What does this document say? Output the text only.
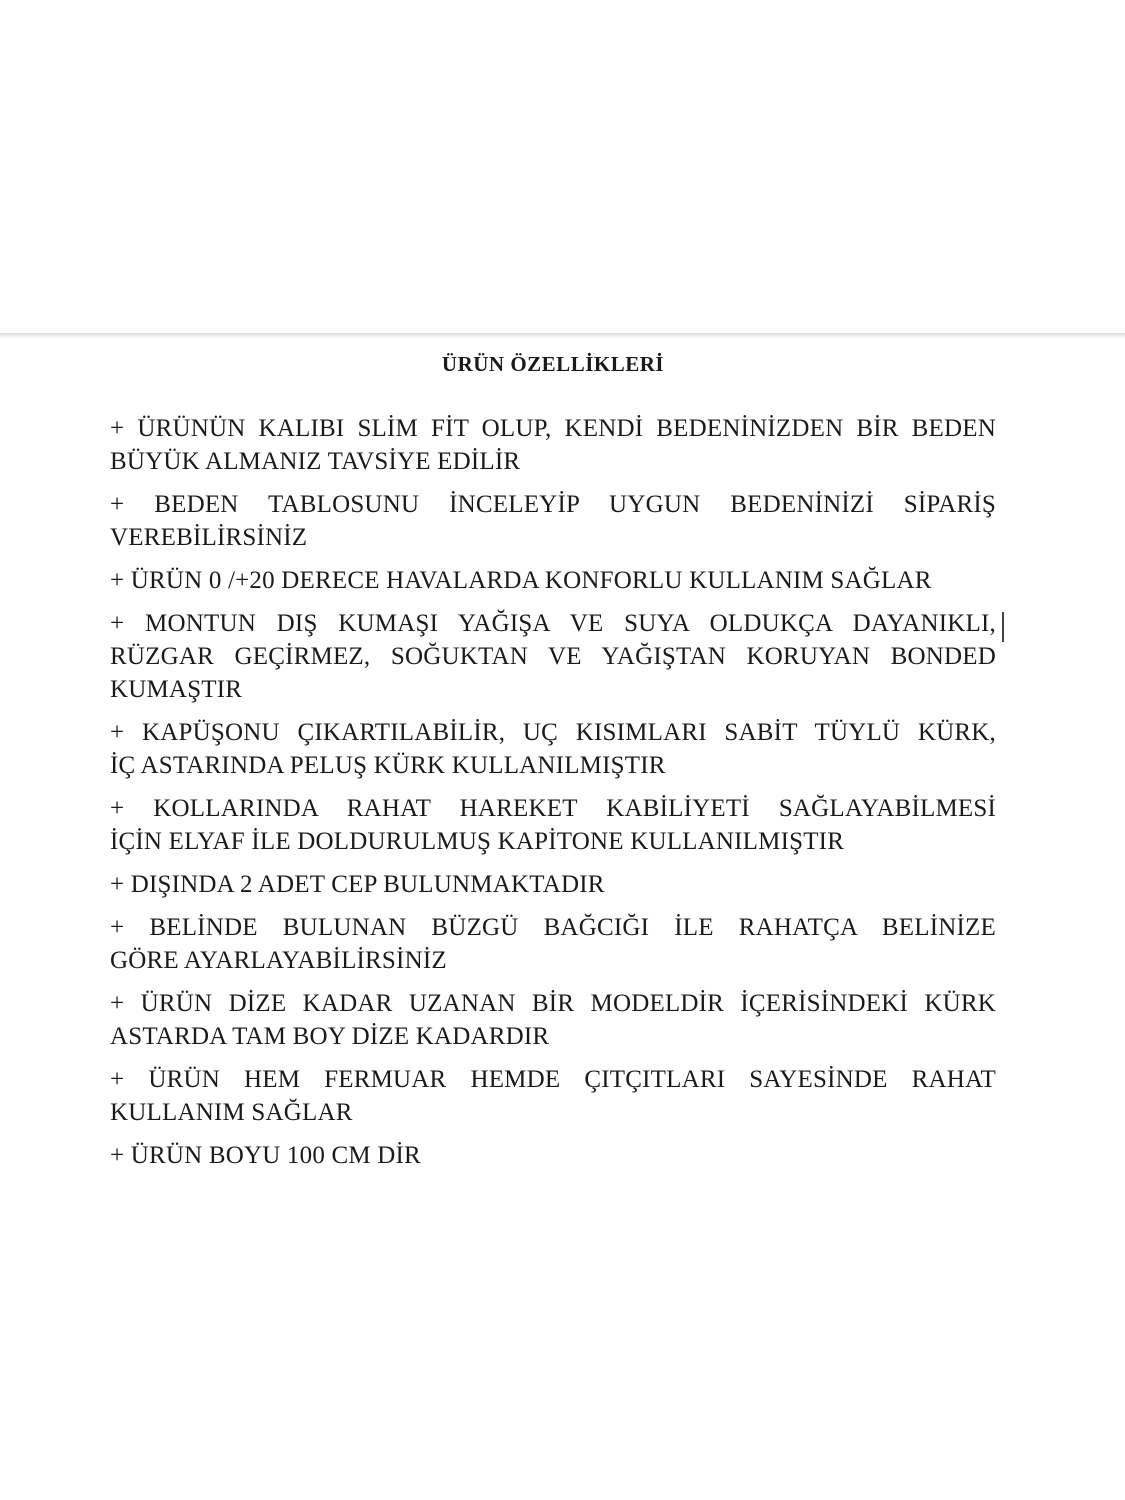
ÜRÜN ÖZELLİKLERİ
+ ÜRÜNÜN KALIBI SLİM FİT OLUP, KENDİ BEDENİNİZDEN BİR BEDEN
BÜYÜK ALMANIZ TAVSİYE EDİLİR
+ BEDEN TABLOSUNU İNCELEYİP UYGUN BEDENİNİZİ SİPARİŞ
VEREBİLİRSİNİZ
+ ÜRÜN 0 /+20 DERECE HAVALARDA KONFORLU KULLANIM SAĞLAR
+ MONTUN DIŞ KUMAŞI YAĞIŞA VE SUYA OLDUKÇA DAYANIKLI,
RÜZGAR GEÇİRMEZ, SOĞUKTAN VE YAĞIŞTAN KORUYAN BONDED
KUMAŞTIR
+ KAPÜŞONU ÇIKARTILABİLİR, UÇ KISIMLARI SABİT TÜYLÜ KÜRK,
İÇ ASTARINDA PELUŞ KÜRK KULLANILMIŞTIR
+ KOLLARINDA RAHAT HAREKET KABİLİYETİ SAĞLAYABİLMESİ
İÇİN ELYAF İLE DOLDURULMUŞ KAPİTONE KULLANILMIŞTIR
+ DIŞINDA 2 ADET CEP BULUNMAKTADIR
+ BELİNDE BULUNAN BÜZGÜ BAĞCIĞI İLE RAHATÇA BELİNİZE
GÖRE AYARLAYABİLİRSİNİZ
+ ÜRÜN DİZE KADAR UZANAN BİR MODELDİR İÇERİSİNDEKİ KÜRK
ASTARDA TAM BOY DİZE KADARDIR
+ ÜRÜN HEM FERMUAR HEMDE ÇITÇITLARI SAYESİNDE RAHAT
KULLANIM SAĞLAR
+ ÜRÜN BOYU 100 CM DİR
